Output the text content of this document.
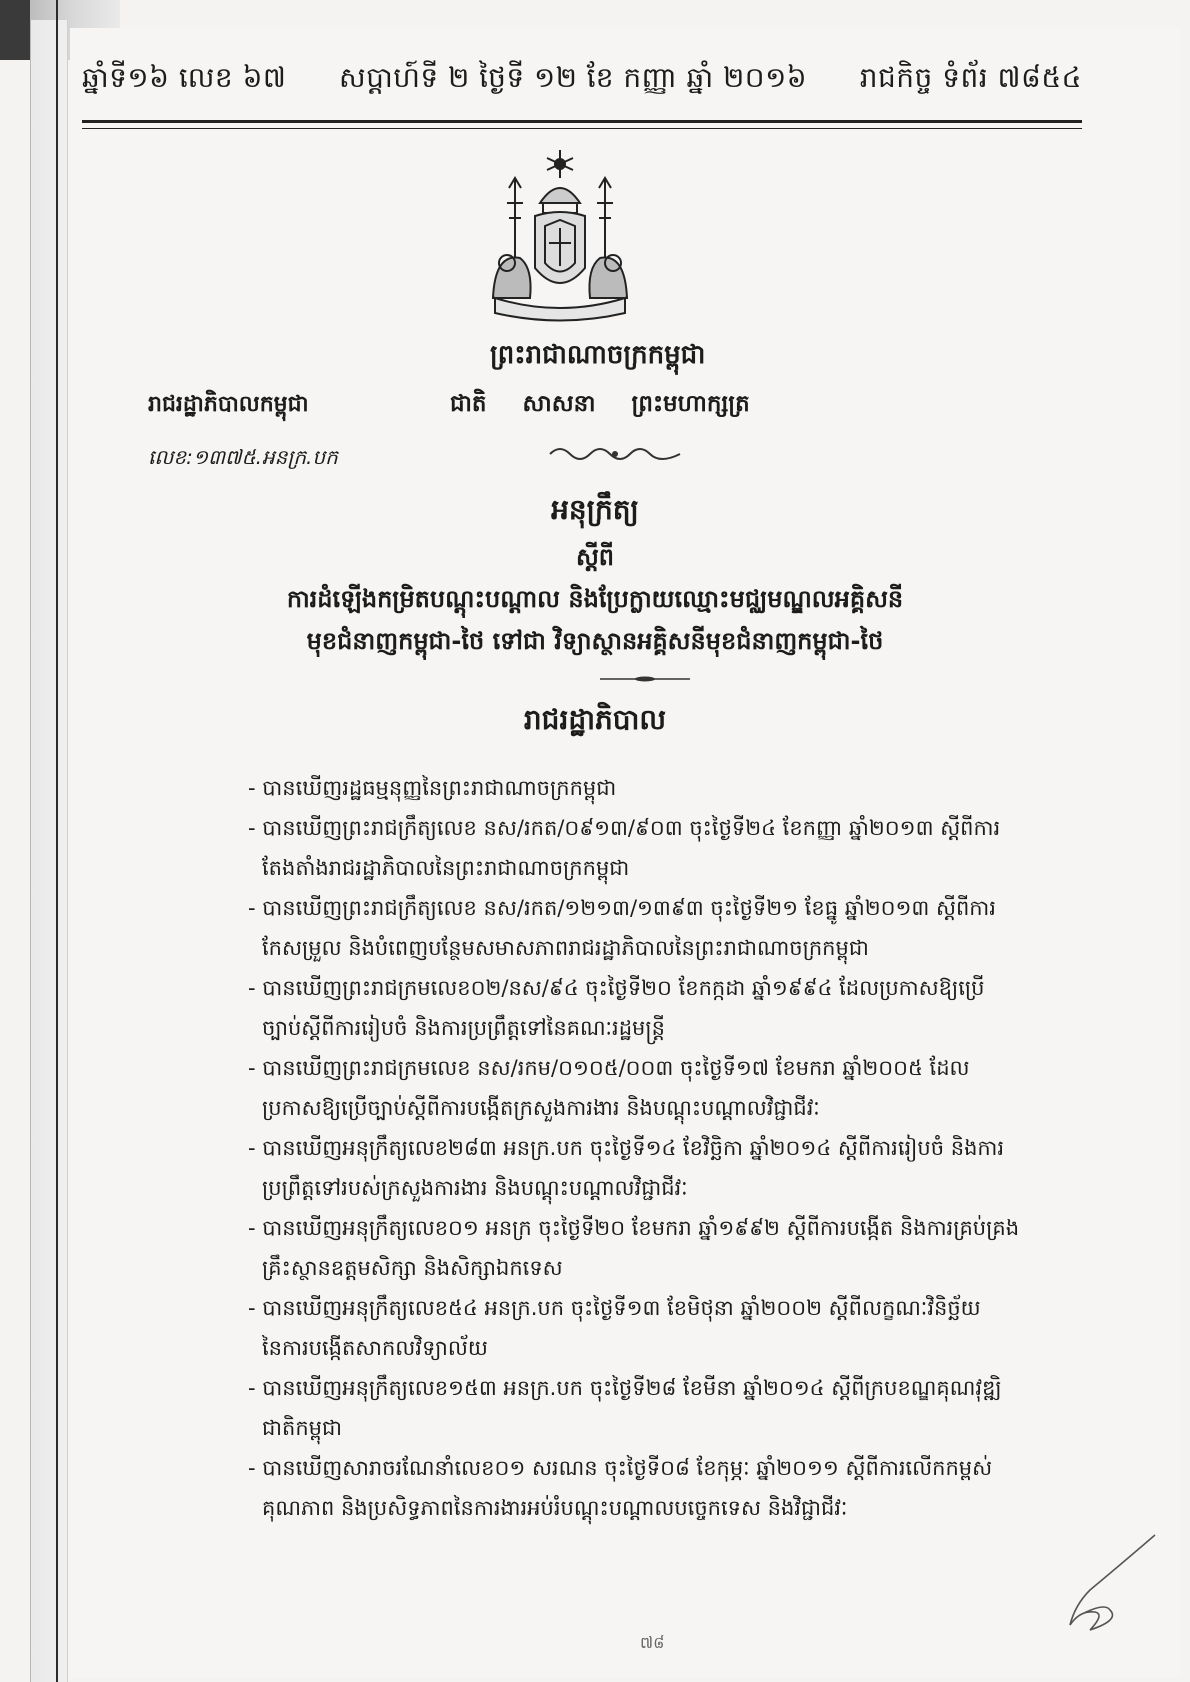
ឆ្នាំទី១៦ លេខ ៦៧ សប្តាហ៍ទី ២ ថ្ងៃទី ១២ ខែ កញ្ញា ឆ្នាំ ២០១៦ រាជកិច្ច ទំព័រ ៧៨៥៤
ព្រះរាជាណាចក្រកម្ពុជា
ជាតិ សាសនា ព្រះមហាក្សត្រ
រាជរដ្ឋាភិបាលកម្ពុជា
លេខ:១៣៧៥.អនក្រ.បក
អនុក្រឹត្យ
ស្តីពី
ការដំឡើងកម្រិតបណ្តុះបណ្តាល និងប្រែក្លាយឈ្មោះមជ្ឈមណ្ឌលអគ្គិសនី
មុខជំនាញកម្ពុជា-ថៃ ទៅជា វិទ្យាស្ថានអគ្គិសនីមុខជំនាញកម្ពុជា-ថៃ
រាជរដ្ឋាភិបាល
- បានឃើញរដ្ឋធម្មនុញ្ញនៃព្រះរាជាណាចក្រកម្ពុជា
- បានឃើញព្រះរាជក្រឹត្យលេខ នស/រកត/០៩១៣/៩០៣ ចុះថ្ងៃទី២៤ ខែកញ្ញា ឆ្នាំ២០១៣ ស្តីពីការ
តែងតាំងរាជរដ្ឋាភិបាលនៃព្រះរាជាណាចក្រកម្ពុជា
- បានឃើញព្រះរាជក្រឹត្យលេខ នស/រកត/១២១៣/១៣៩៣ ចុះថ្ងៃទី២១ ខែធ្នូ ឆ្នាំ២០១៣ ស្តីពីការ
កែសម្រួល និងបំពេញបន្ថែមសមាសភាពរាជរដ្ឋាភិបាលនៃព្រះរាជាណាចក្រកម្ពុជា
- បានឃើញព្រះរាជក្រមលេខ០២/នស/៩៤ ចុះថ្ងៃទី២០ ខែកក្កដា ឆ្នាំ១៩៩៤ ដែលប្រកាសឱ្យប្រើ
ច្បាប់ស្តីពីការរៀបចំ និងការប្រព្រឹត្តទៅនៃគណៈរដ្ឋមន្ត្រី
- បានឃើញព្រះរាជក្រមលេខ នស/រកម/០១០៥/០០៣ ចុះថ្ងៃទី១៧ ខែមករា ឆ្នាំ២០០៥ ដែល
ប្រកាសឱ្យប្រើច្បាប់ស្តីពីការបង្កើតក្រសួងការងារ និងបណ្តុះបណ្តាលវិជ្ជាជីវៈ
- បានឃើញអនុក្រឹត្យលេខ២៨៣ អនក្រ.បក ចុះថ្ងៃទី១៤ ខែវិច្ឆិកា ឆ្នាំ២០១៤ ស្តីពីការរៀបចំ និងការ
ប្រព្រឹត្តទៅរបស់ក្រសួងការងារ និងបណ្តុះបណ្តាលវិជ្ជាជីវៈ
- បានឃើញអនុក្រឹត្យលេខ០១ អនក្រ ចុះថ្ងៃទី២០ ខែមករា ឆ្នាំ១៩៩២ ស្តីពីការបង្កើត និងការគ្រប់គ្រង
គ្រឹះស្ថានឧត្តមសិក្សា និងសិក្សាឯកទេស
- បានឃើញអនុក្រឹត្យលេខ៥៤ អនក្រ.បក ចុះថ្ងៃទី១៣ ខែមិថុនា ឆ្នាំ២០០២ ស្តីពីលក្ខណៈវិនិច្ឆ័យ
នៃការបង្កើតសាកលវិទ្យាល័យ
- បានឃើញអនុក្រឹត្យលេខ១៥៣ អនក្រ.បក ចុះថ្ងៃទី២៨ ខែមីនា ឆ្នាំ២០១៤ ស្តីពីក្របខណ្ឌគុណវុឌ្ឍិ
ជាតិកម្ពុជា
- បានឃើញសារាចរណែនាំលេខ០១ សរណន ចុះថ្ងៃទី០៨ ខែកុម្ភៈ ឆ្នាំ២០១១ ស្តីពីការលើកកម្ពស់
គុណភាព និងប្រសិទ្ធភាពនៃការងារអប់រំបណ្តុះបណ្តាលបច្ចេកទេស និងវិជ្ជាជីវៈ
៧៨
